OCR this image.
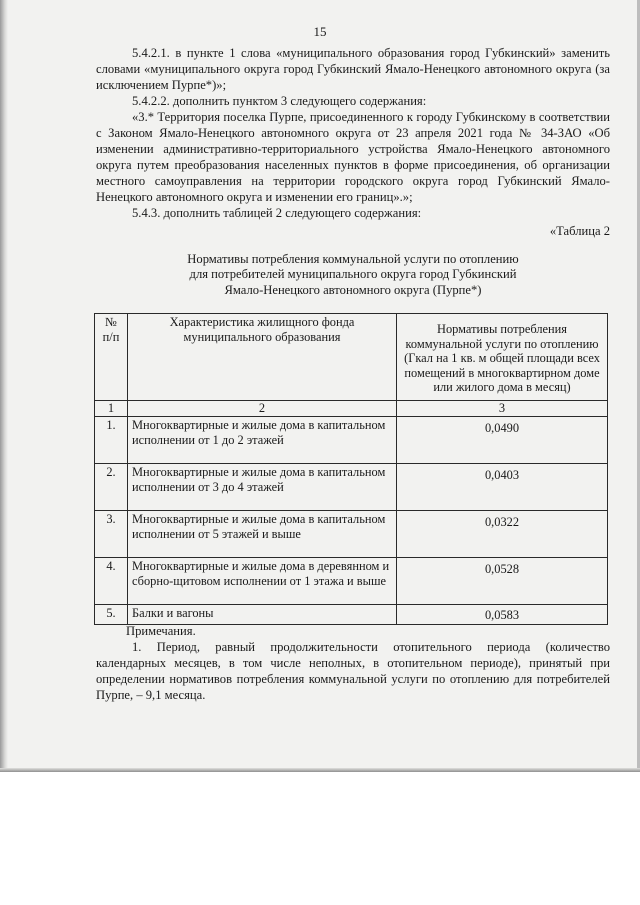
15

5.4.2.1. в пункте 1 слова «муниципального образования город Губкинский» заменить словами «муниципального округа город Губкинский Ямало-Ненецкого автономного округа (за исключением Пурпе*)»;

5.4.2.2. дополнить пунктом 3 следующего содержания:

«3.* Территория поселка Пурпе, присоединенного к городу Губкинскому в соответствии с Законом Ямало-Ненецкого автономного округа от 23 апреля 2021 года № 34-ЗАО «Об изменении административно-территориального устройства Ямало-Ненецкого автономного округа путем преобразования населенных пунктов в форме присоединения, об организации местного самоуправления на территории городского округа город Губкинский Ямало-Ненецкого автономного округа и изменении его границ».»;

5.4.3. дополнить таблицей 2 следующего содержания:

«Таблица 2

Нормативы потребления коммунальной услуги по отоплению
для потребителей муниципального округа город Губкинский
Ямало-Ненецкого автономного округа (Пурпе*)
№ п/п	Характеристика жилищного фонда муниципального образования	Нормативы потребления коммунальной услуги по отоплению (Гкал на 1 кв. м общей площади всех помещений в многоквартирном доме или жилого дома в месяц)
1	2	3
1.	Многоквартирные и жилые дома в капитальном исполнении от 1 до 2 этажей	0,0490
2.	Многоквартирные и жилые дома в капитальном исполнении от 3 до 4 этажей	0,0403
3.	Многоквартирные и жилые дома в капитальном исполнении от 5 этажей и выше	0,0322
4.	Многоквартирные и жилые дома в деревянном и сборно-щитовом исполнении от 1 этажа и выше	0,0528
5.	Балки и вагоны	0,0583

Примечания.

1. Период, равный продолжительности отопительного периода (количество календарных месяцев, в том числе неполных, в отопительном периоде), принятый при определении нормативов потребления коммунальной услуги по отоплению для потребителей Пурпе, – 9,1 месяца.
